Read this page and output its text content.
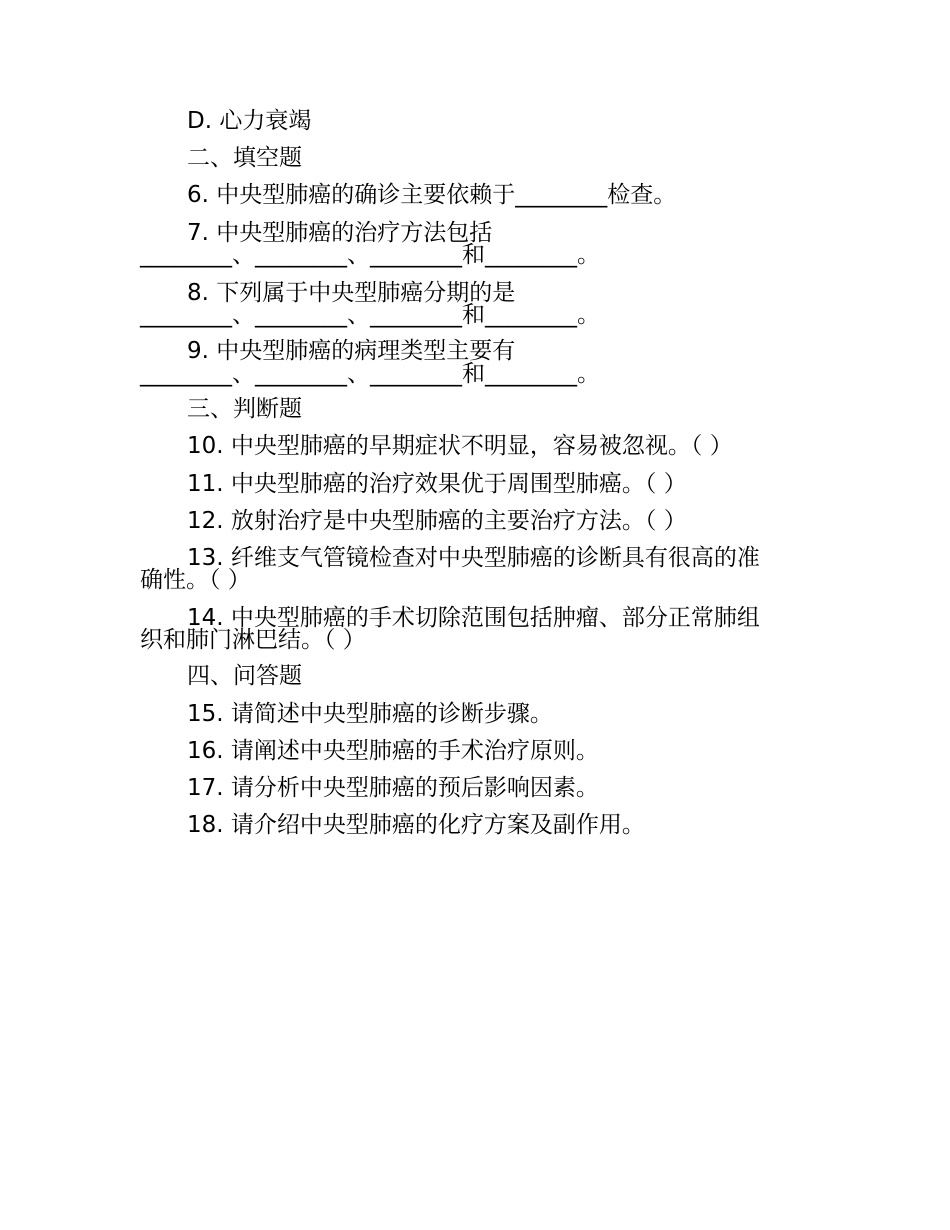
D. 心力衰竭
二、填空题
6. 中央型肺癌的确诊主要依赖于________检查。
7. 中央型肺癌的治疗方法包括
________、________、________和________。
8. 下列属于中央型肺癌分期的是
________、________、________和________。
9. 中央型肺癌的病理类型主要有
________、________、________和________。
三、判断题
10. 中央型肺癌的早期症状不明显，容易被忽视。（ ）
11. 中央型肺癌的治疗效果优于周围型肺癌。（ ）
12. 放射治疗是中央型肺癌的主要治疗方法。（ ）
13. 纤维支气管镜检查对中央型肺癌的诊断具有很高的准
确性。（ ）
14. 中央型肺癌的手术切除范围包括肿瘤、部分正常肺组
织和肺门淋巴结。（ ）
四、问答题
15. 请简述中央型肺癌的诊断步骤。
16. 请阐述中央型肺癌的手术治疗原则。
17. 请分析中央型肺癌的预后影响因素。
18. 请介绍中央型肺癌的化疗方案及副作用。
